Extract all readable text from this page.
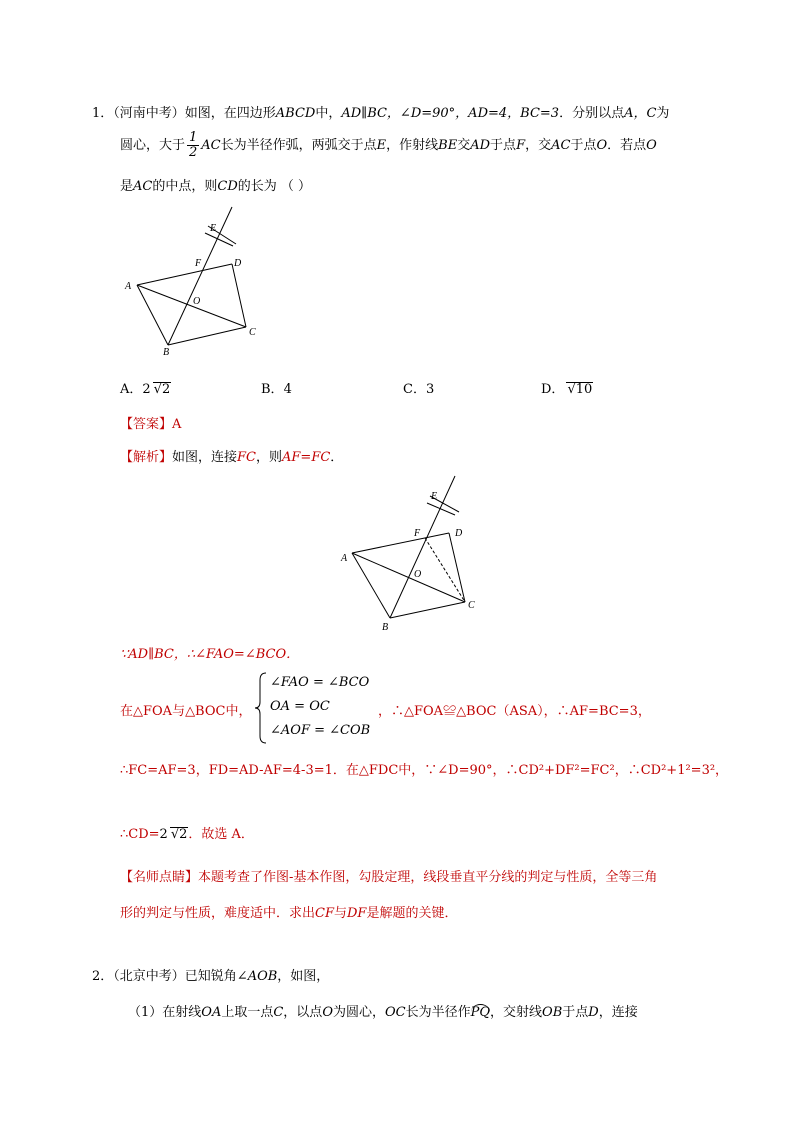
1．（河南中考）如图，在四边形ABCD中，AD∥BC，∠D=90°，AD=4，BC=3．分别以点A，C为
圆心，大于 $\frac{1}{2}$ AC长为半径作弧，两弧交于点E，作射线BE交AD于点F，交AC于点O．若点O
是AC的中点，则CD的长为 （ ）
E
F	D
A
O
C
B
A．2 √2	B．4	C．3	D． √10
【答案】A
【解析】如图，连接FC，则AF=FC．
E
F	D
A
O
C
B
∵AD∥BC，∴∠FAO=∠BCO．
在△FOA与△BOC中，
∠FAO = ∠BCO
OA = OC
∠AOF = ∠COB
，∴△FOA≌△BOC（ASA），∴AF=BC=3，
∴FC=AF=3，FD=AD-AF=4-3=1．在△FDC中，∵∠D=90°，∴CD²+DF²=FC²，∴CD²+1²=3²，
∴CD=2 √2．故选 A．
【名师点睛】本题考查了作图-基本作图，勾股定理，线段垂直平分线的判定与性质，全等三角
形的判定与性质，难度适中．求出CF与DF是解题的关键．
2．（北京中考）已知锐角∠AOB，如图，
（1）在射线OA上取一点C，以点O为圆心，OC长为半径作PQ，交射线OB于点D，连接
